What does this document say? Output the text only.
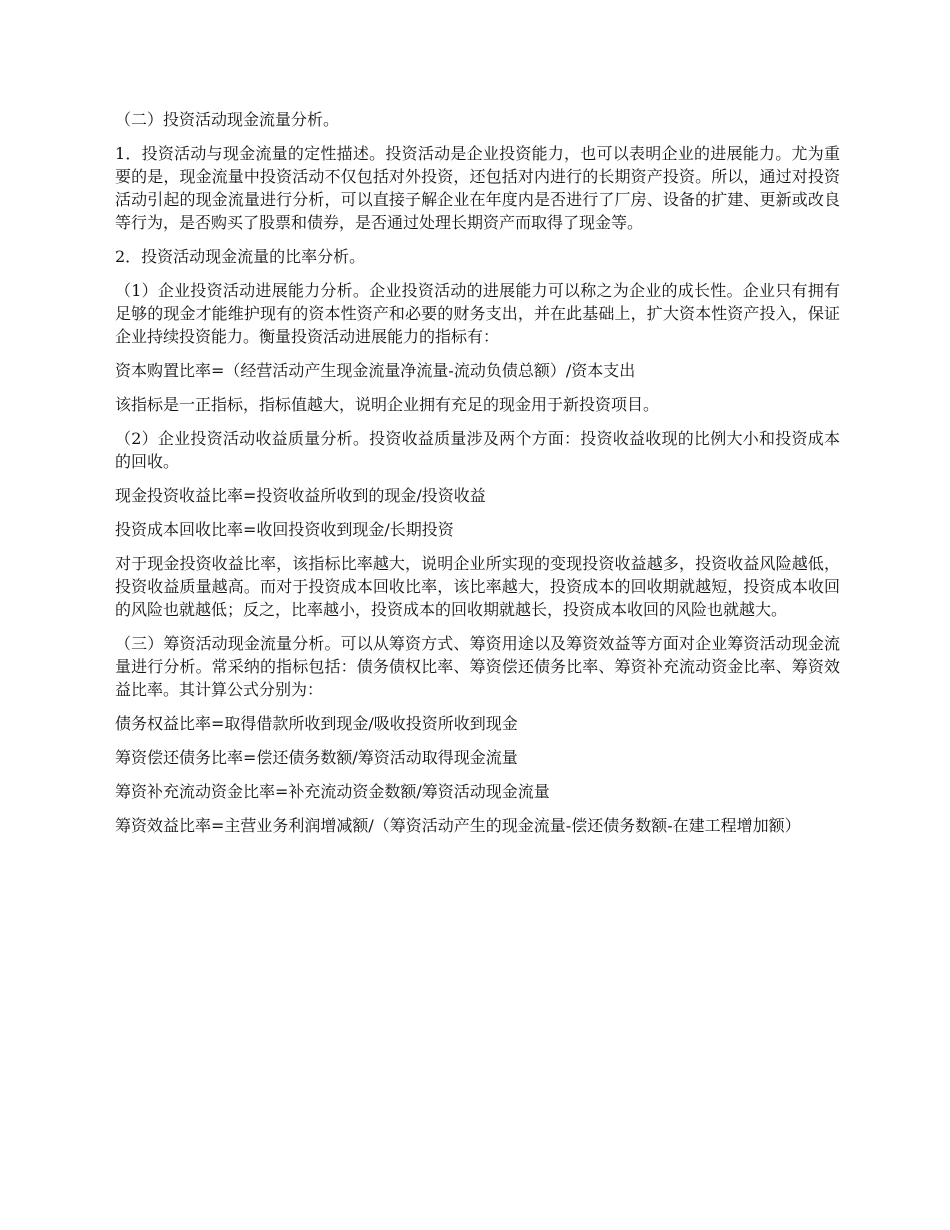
（二）投资活动现金流量分析。

1．投资活动与现金流量的定性描述。投资活动是企业投资能力，也可以表明企业的进展能力。尤为重要的是，现金流量中投资活动不仅包括对外投资，还包括对内进行的长期资产投资。所以，通过对投资活动引起的现金流量进行分析，可以直接子解企业在年度内是否进行了厂房、设备的扩建、更新或改良等行为，是否购买了股票和债券，是否通过处理长期资产而取得了现金等。

2．投资活动现金流量的比率分析。

（1）企业投资活动进展能力分析。企业投资活动的进展能力可以称之为企业的成长性。企业只有拥有足够的现金才能维护现有的资本性资产和必要的财务支出，并在此基础上，扩大资本性资产投入，保证企业持续投资能力。衡量投资活动进展能力的指标有：

资本购置比率=（经营活动产生现金流量净流量-流动负债总额）/资本支出

该指标是一正指标，指标值越大，说明企业拥有充足的现金用于新投资项目。

（2）企业投资活动收益质量分析。投资收益质量涉及两个方面：投资收益收现的比例大小和投资成本的回收。

现金投资收益比率=投资收益所收到的现金/投资收益

投资成本回收比率=收回投资收到现金/长期投资

对于现金投资收益比率，该指标比率越大，说明企业所实现的变现投资收益越多，投资收益风险越低，投资收益质量越高。而对于投资成本回收比率，该比率越大，投资成本的回收期就越短，投资成本收回的风险也就越低；反之，比率越小，投资成本的回收期就越长，投资成本收回的风险也就越大。

（三）筹资活动现金流量分析。可以从筹资方式、筹资用途以及筹资效益等方面对企业筹资活动现金流量进行分析。常采纳的指标包括：债务债权比率、筹资偿还债务比率、筹资补充流动资金比率、筹资效益比率。其计算公式分别为：

债务权益比率=取得借款所收到现金/吸收投资所收到现金

筹资偿还债务比率=偿还债务数额/筹资活动取得现金流量

筹资补充流动资金比率=补充流动资金数额/筹资活动现金流量

筹资效益比率=主营业务利润增减额/（筹资活动产生的现金流量-偿还债务数额-在建工程增加额）
